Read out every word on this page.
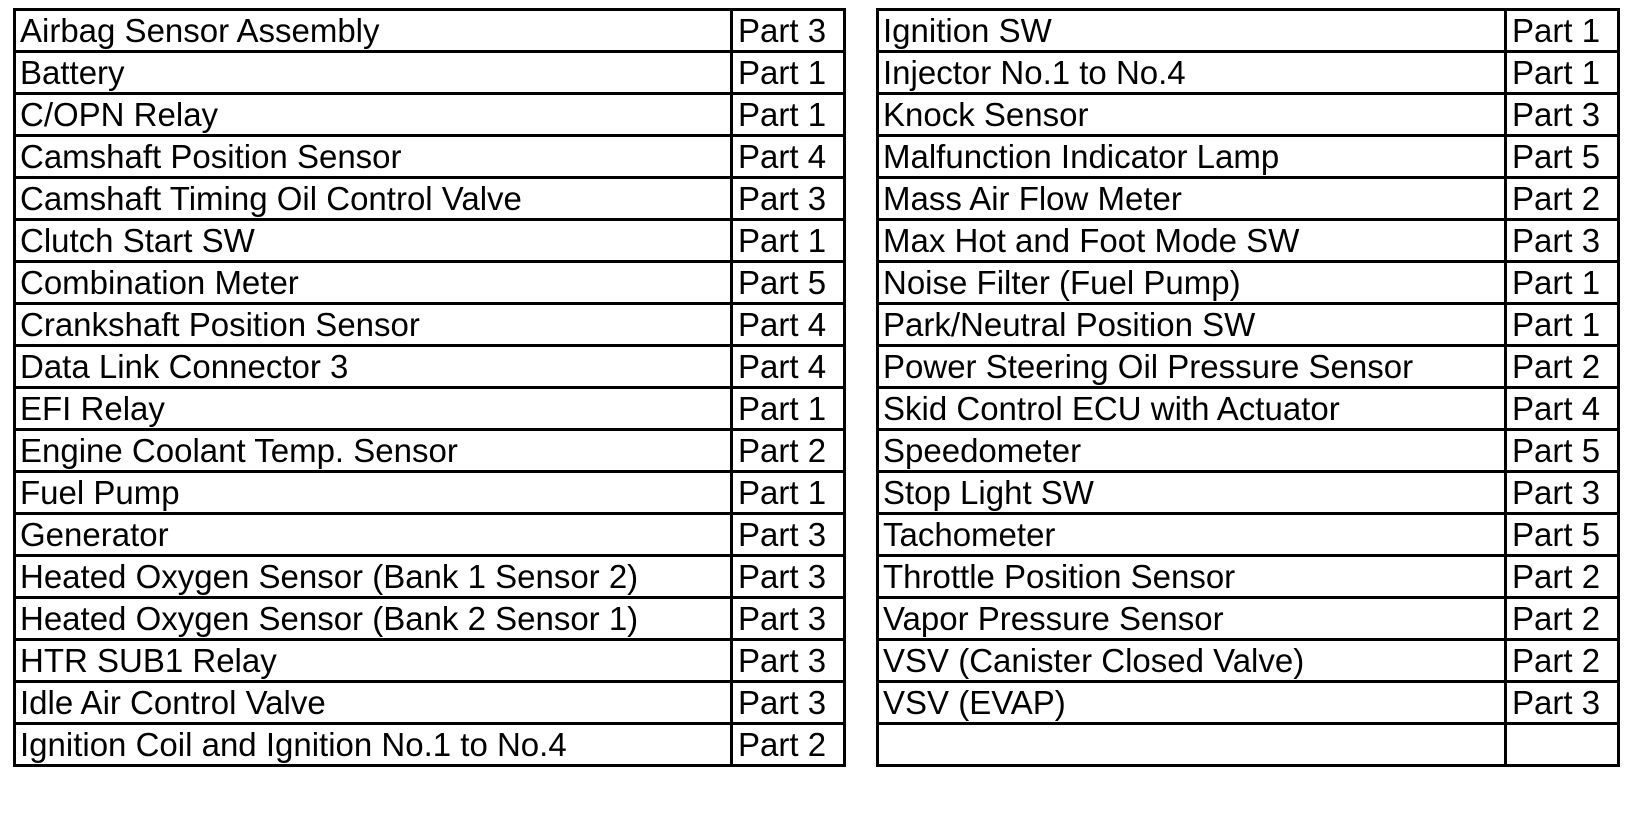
Airbag Sensor Assembly	Part 3
Battery	Part 1
C/OPN Relay	Part 1
Camshaft Position Sensor	Part 4
Camshaft Timing Oil Control Valve	Part 3
Clutch Start SW	Part 1
Combination Meter	Part 5
Crankshaft Position Sensor	Part 4
Data Link Connector 3	Part 4
EFI Relay	Part 1
Engine Coolant Temp. Sensor	Part 2
Fuel Pump	Part 1
Generator	Part 3
Heated Oxygen Sensor (Bank 1 Sensor 2)	Part 3
Heated Oxygen Sensor (Bank 2 Sensor 1)	Part 3
HTR SUB1 Relay	Part 3
Idle Air Control Valve	Part 3
Ignition Coil and Ignition No.1 to No.4	Part 2
Ignition SW	Part 1
Injector No.1 to No.4	Part 1
Knock Sensor	Part 3
Malfunction Indicator Lamp	Part 5
Mass Air Flow Meter	Part 2
Max Hot and Foot Mode SW	Part 3
Noise Filter (Fuel Pump)	Part 1
Park/Neutral Position SW	Part 1
Power Steering Oil Pressure Sensor	Part 2
Skid Control ECU with Actuator	Part 4
Speedometer	Part 5
Stop Light SW	Part 3
Tachometer	Part 5
Throttle Position Sensor	Part 2
Vapor Pressure Sensor	Part 2
VSV (Canister Closed Valve)	Part 2
VSV (EVAP)	Part 3
